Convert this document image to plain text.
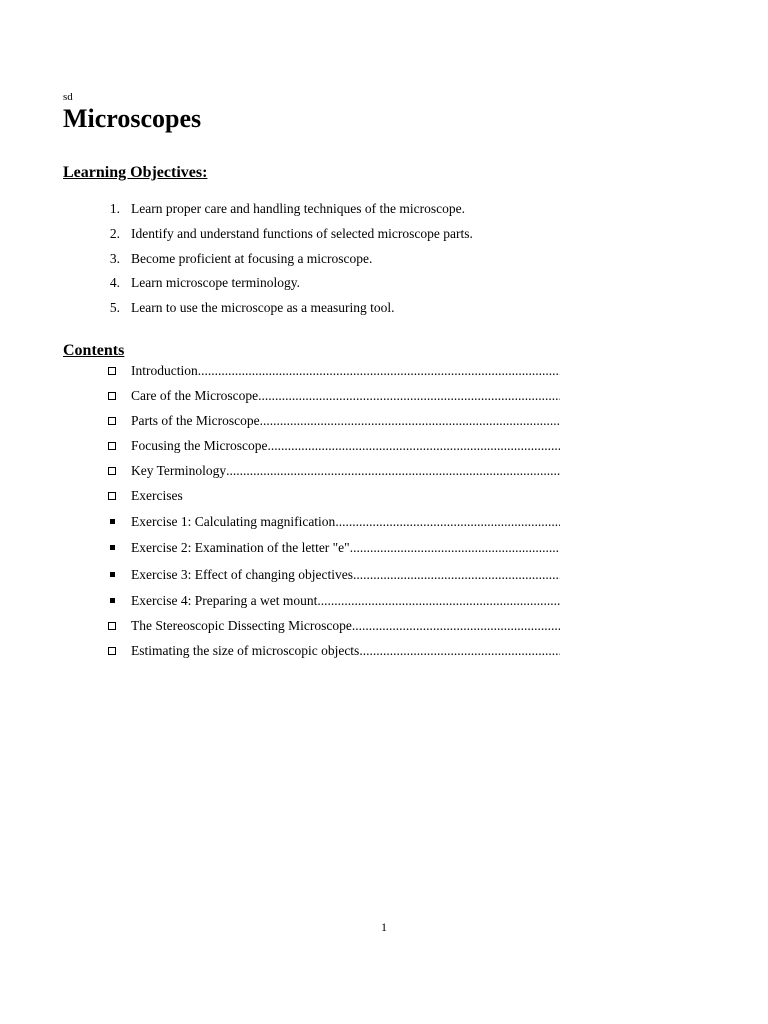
sd
Microscopes
Learning Objectives:
1. Learn proper care and handling techniques of the microscope.
2. Identify and understand functions of selected microscope parts.
3. Become proficient at focusing a microscope.
4. Learn microscope terminology.
5. Learn to use the microscope as a measuring tool.
Contents
Introduction
.....
Care of the Microscope
.....
Parts of the Microscope
.....
Focusing the Microscope
.....
Key Terminology
.....
Exercises
Exercise 1: Calculating magnification
.....
Exercise 2: Examination of the letter "e"
.....
Exercise 3: Effect of changing objectives
.....
Exercise 4: Preparing a wet mount
.....
The Stereoscopic Dissecting Microscope
.....
Estimating the size of microscopic objects
.....
1
